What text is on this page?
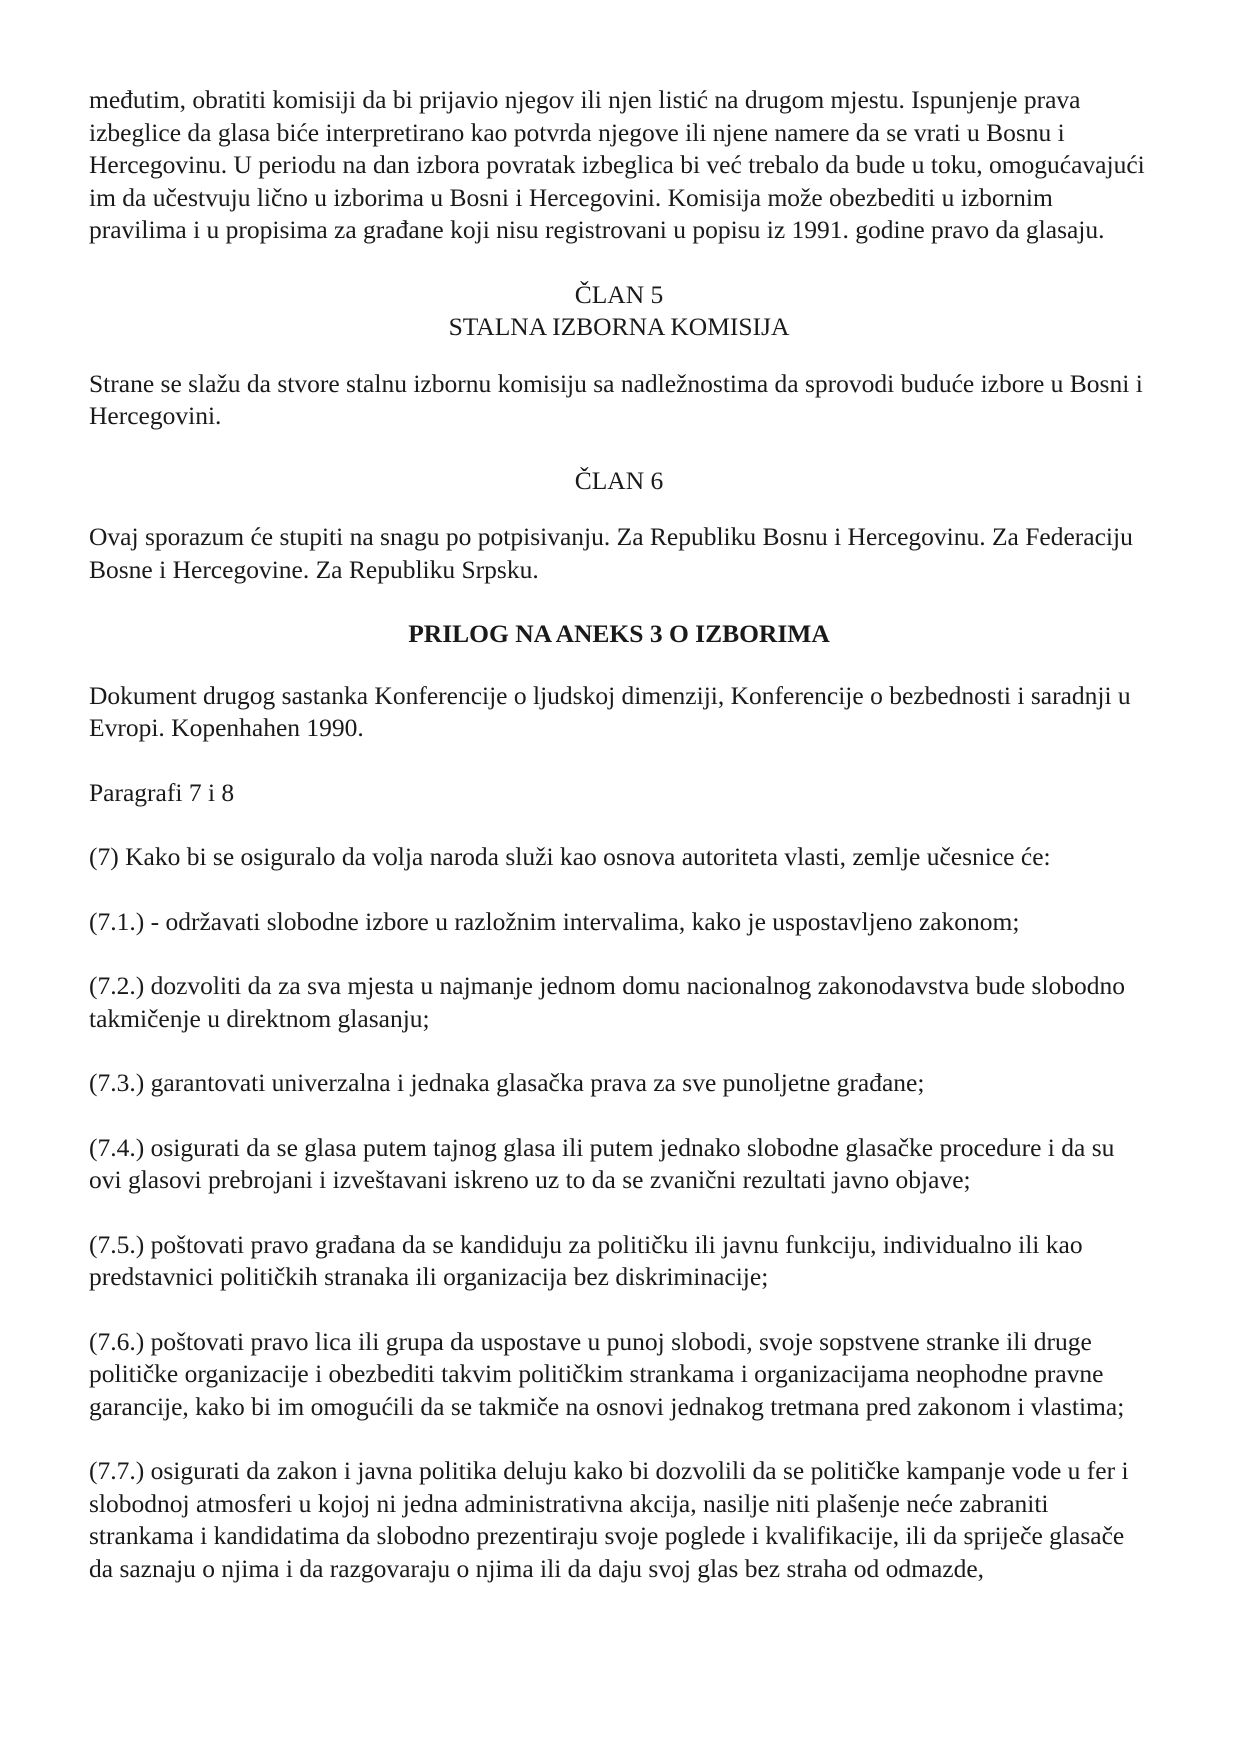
međutim, obratiti komisiji da bi prijavio njegov ili njen listić na drugom mjestu. Ispunjenje prava izbeglice da glasa biće interpretirano kao potvrda njegove ili njene namere da se vrati u Bosnu i Hercegovinu. U periodu na dan izbora povratak izbeglica bi već trebalo da bude u toku, omogućavajući im da učestvuju lično u izborima u Bosni i Hercegovini. Komisija može obezbediti u izbornim pravilima i u propisima za građane koji nisu registrovani u popisu iz 1991. godine pravo da glasaju.

ČLAN 5

STALNA IZBORNA KOMISIJA

Strane se slažu da stvore stalnu izbornu komisiju sa nadležnostima da sprovodi buduće izbore u Bosni i Hercegovini.

ČLAN 6

Ovaj sporazum će stupiti na snagu po potpisivanju. Za Republiku Bosnu i Hercegovinu. Za Federaciju Bosne i Hercegovine. Za Republiku Srpsku.

PRILOG NA ANEKS 3 O IZBORIMA

Dokument drugog sastanka Konferencije o ljudskoj dimenziji, Konferencije o bezbednosti i saradnji u Evropi. Kopenhahen 1990.

Paragrafi 7 i 8

(7) Kako bi se osiguralo da volja naroda služi kao osnova autoriteta vlasti, zemlje učesnice će:

(7.1.) - održavati slobodne izbore u razložnim intervalima, kako je uspostavljeno zakonom;

(7.2.) dozvoliti da za sva mjesta u najmanje jednom domu nacionalnog zakonodavstva bude slobodno takmičenje u direktnom glasanju;

(7.3.) garantovati univerzalna i jednaka glasačka prava za sve punoljetne građane;

(7.4.) osigurati da se glasa putem tajnog glasa ili putem jednako slobodne glasačke procedure i da su ovi glasovi prebrojani i izveštavani iskreno uz to da se zvanični rezultati javno objave;

(7.5.) poštovati pravo građana da se kandiduju za političku ili javnu funkciju, individualno ili kao predstavnici političkih stranaka ili organizacija bez diskriminacije;

(7.6.) poštovati pravo lica ili grupa da uspostave u punoj slobodi, svoje sopstvene stranke ili druge političke organizacije i obezbediti takvim političkim strankama i organizacijama neophodne pravne garancije, kako bi im omogućili da se takmiče na osnovi jednakog tretmana pred zakonom i vlastima;

(7.7.) osigurati da zakon i javna politika deluju kako bi dozvolili da se političke kampanje vode u fer i slobodnoj atmosferi u kojoj ni jedna administrativna akcija, nasilje niti plašenje neće zabraniti strankama i kandidatima da slobodno prezentiraju svoje poglede i kvalifikacije, ili da spriječe glasače da saznaju o njima i da razgovaraju o njima ili da daju svoj glas bez straha od odmazde,
